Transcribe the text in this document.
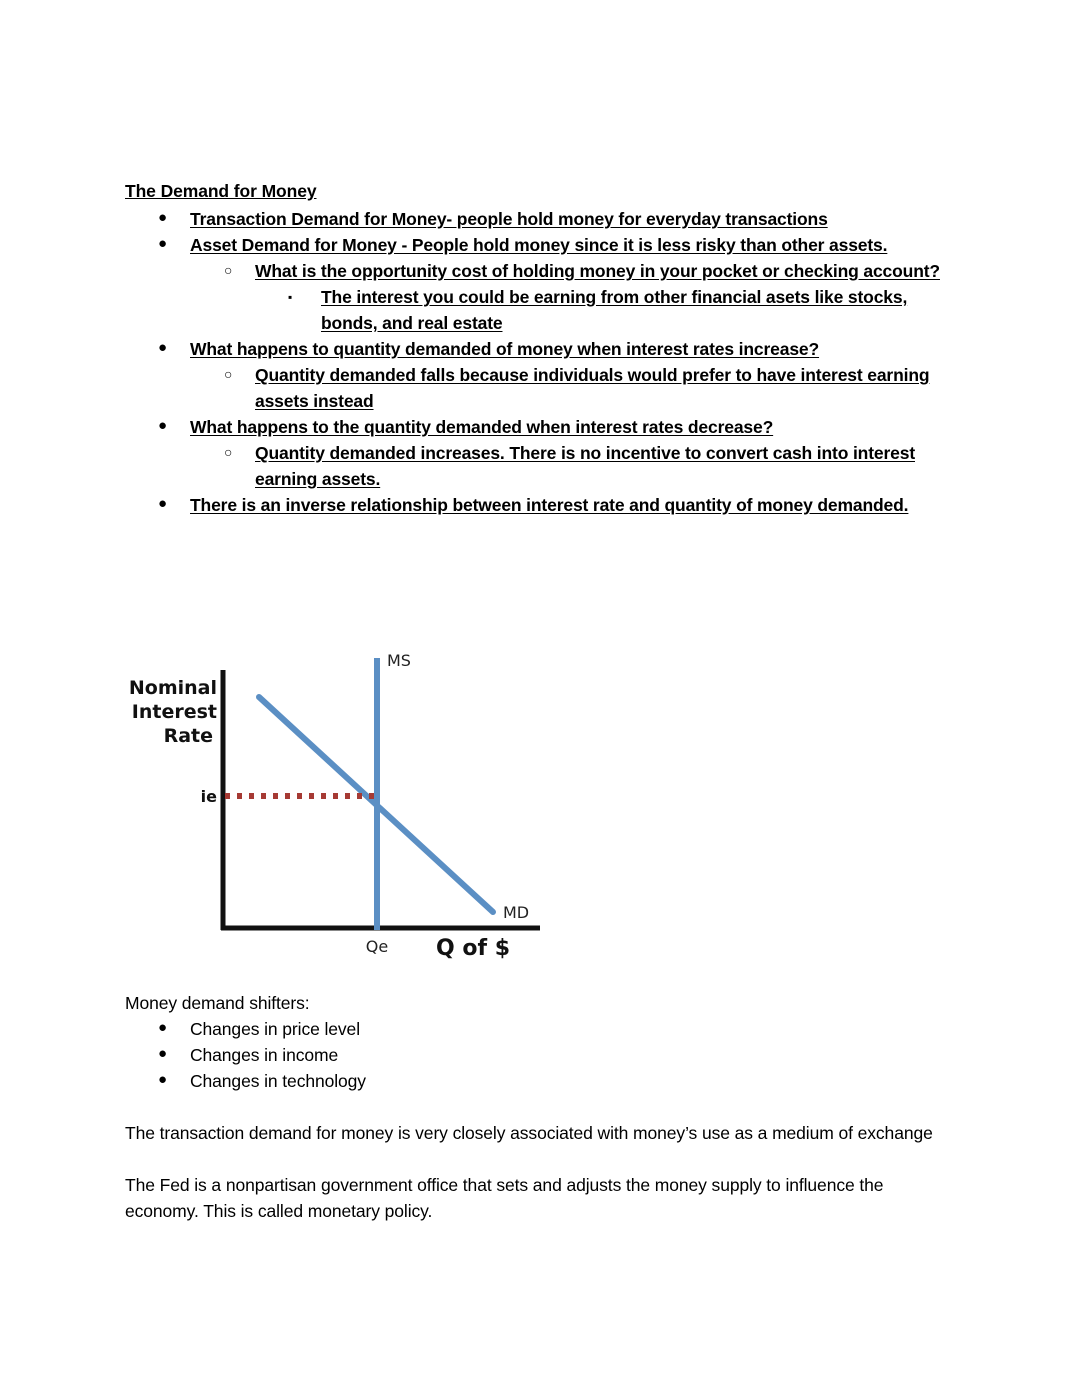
The Demand for Money
● Transaction Demand for Money- people hold money for everyday transactions
● Asset Demand for Money - People hold money since it is less risky than other assets.
○ What is the opportunity cost of holding money in your pocket or checking account?
▪ The interest you could be earning from other financial asets like stocks, bonds, and real estate
● What happens to quantity demanded of money when interest rates increase?
○ Quantity demanded falls because individuals would prefer to have interest earning assets instead
● What happens to the quantity demanded when interest rates decrease?
○ Quantity demanded increases. There is no incentive to convert cash into interest earning assets.
● There is an inverse relationship between interest rate and quantity of money demanded.
Nominal
Interest
Rate
ie
MS
MD
Qe Q of $
Money demand shifters:
● Changes in price level
● Changes in income
● Changes in technology
The transaction demand for money is very closely associated with money’s use as a medium of exchange
The Fed is a nonpartisan government office that sets and adjusts the money supply to influence the economy. This is called monetary policy.
